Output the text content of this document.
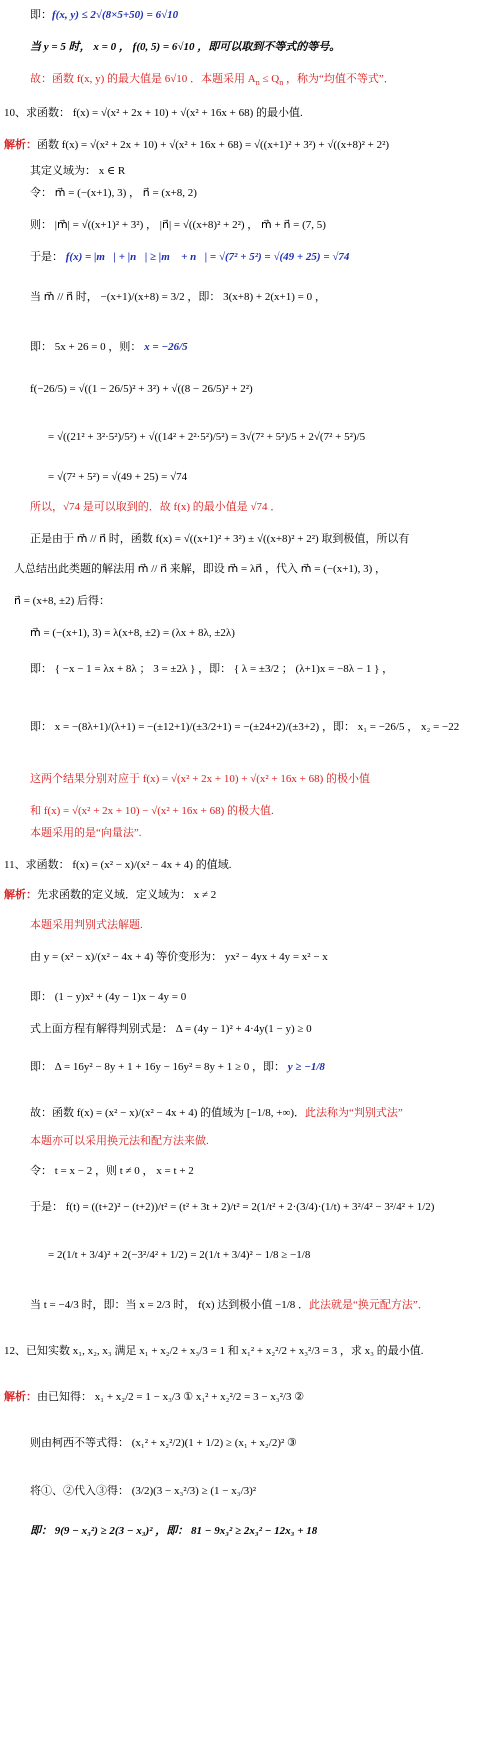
即：f(x, y) ≤ 2√(8×5+50) = 6√10
当 y = 5 时， x = 0 ， f(0, 5) = 6√10 ，即可以取到不等式的等号。
故：函数 f(x, y) 的最大值是 6√10 ．本题采用 $A_n \le Q_n$ ，称为“均值不等式”．
10、求函数： f(x) = √(x² + 2x + 10) + √(x² + 16x + 68) 的最小值.
解析：函数 f(x) = √(x² + 2x + 10) + √(x² + 16x + 68) = √((x+1)² + 3²) + √((x+8)² + 2²)
其定义域为： x ∈ R
令： m⃗ = (−(x+1), 3) ， n⃗ = (x+8, 2)
则： |m⃗| = √((x+1)² + 3²) ， |n⃗| = √((x+8)² + 2²) ， m⃗ + n⃗ = (7, 5)
于是： f(x) = |m⃗| + |n⃗| ≥ |m⃗ + n⃗| = √(7² + 5²) = √(49 + 25) = √74
当 m⃗ // n⃗ 时， −(x+1)/(x+8) = 3/2 ，即： 3(x+8) + 2(x+1) = 0 ，
即： 5x + 26 = 0 ，则： x = −26/5
f(−26/5) = √((1 − 26/5)² + 3²) + √((8 − 26/5)² + 2²)
= √((21² + 3²·5²)/5²) + √((14² + 2²·5²)/5²) = 3√(7² + 5²)/5 + 2√(7² + 5²)/5
= √(7² + 5²) = √(49 + 25) = √74
所以，√74 是可以取到的．故 f(x) 的最小值是 √74 ．
正是由于 m⃗ // n⃗ 时，函数 f(x) = √((x+1)² + 3²) ± √((x+8)² + 2²) 取到极值，所以有
人总结出此类题的解法用 m⃗ // n⃗ 来解，即设 m⃗ = λn⃗ ，代入 m⃗ = (−(x+1), 3) ，
n⃗ = (x+8, ±2) 后得：
m⃗ = (−(x+1), 3) = λ(x+8, ±2) = (λx + 8λ, ±2λ)
即： { −x − 1 = λx + 8λ ； 3 = ±2λ } ，即： { λ = ±3/2 ； (λ+1)x = −8λ − 1 } ，
即： x = −(8λ+1)/(λ+1) = −(±12+1)/(±3/2+1) = −(±24+2)/(±3+2) ，即： x₁ = −26/5 ， x₂ = −22
这两个结果分别对应于 f(x) = √(x² + 2x + 10) + √(x² + 16x + 68) 的极小值
和 f(x) = √(x² + 2x + 10) − √(x² + 16x + 68) 的极大值.
本题采用的是“向量法”.
11、求函数： f(x) = (x² − x)/(x² − 4x + 4) 的值域.
解析：先求函数的定义域．定义域为： x ≠ 2
本题采用判别式法解题.
由 y = (x² − x)/(x² − 4x + 4) 等价变形为： yx² − 4yx + 4y = x² − x
即： (1 − y)x² + (4y − 1)x − 4y = 0
式上面方程有解得判别式是： Δ = (4y − 1)² + 4·4y(1 − y) ≥ 0
即： Δ = 16y² − 8y + 1 + 16y − 16y² = 8y + 1 ≥ 0 ，即： y ≥ −1/8
故：函数 f(x) = (x² − x)/(x² − 4x + 4) 的值域为 [−1/8, +∞)．此法称为“判别式法”
本题亦可以采用换元法和配方法来做.
令： t = x − 2 ，则 t ≠ 0 ， x = t + 2
于是： f(t) = ((t+2)² − (t+2))/t² = (t² + 3t + 2)/t² = 2(1/t² + 2·(3/4)·(1/t) + 3²/4² − 3²/4² + 1/2)
= 2(1/t + 3/4)² + 2(−3²/4² + 1/2) = 2(1/t + 3/4)² − 1/8 ≥ −1/8
当 t = −4/3 时，即：当 x = 2/3 时， f(x) 达到极小值 −1/8 ．此法就是“换元配方法”．
12、已知实数 x₁, x₂, x₃ 满足 x₁ + x₂/2 + x₃/3 = 1 和 x₁² + x₂²/2 + x₃²/3 = 3 ，求 x₃ 的最小值.
解析：由已知得： x₁ + x₂/2 = 1 − x₃/3 ① x₁² + x₂²/2 = 3 − x₃²/3 ②
则由柯西不等式得： (x₁² + x₂²/2)(1 + 1/2) ≥ (x₁ + x₂/2)² ③
将①、②代入③得： (3/2)(3 − x₃²/3) ≥ (1 − x₃/3)²
即： 9(9 − x₃²) ≥ 2(3 − x₃)² ，即： 81 − 9x₃² ≥ 2x₃² − 12x₃ + 18
